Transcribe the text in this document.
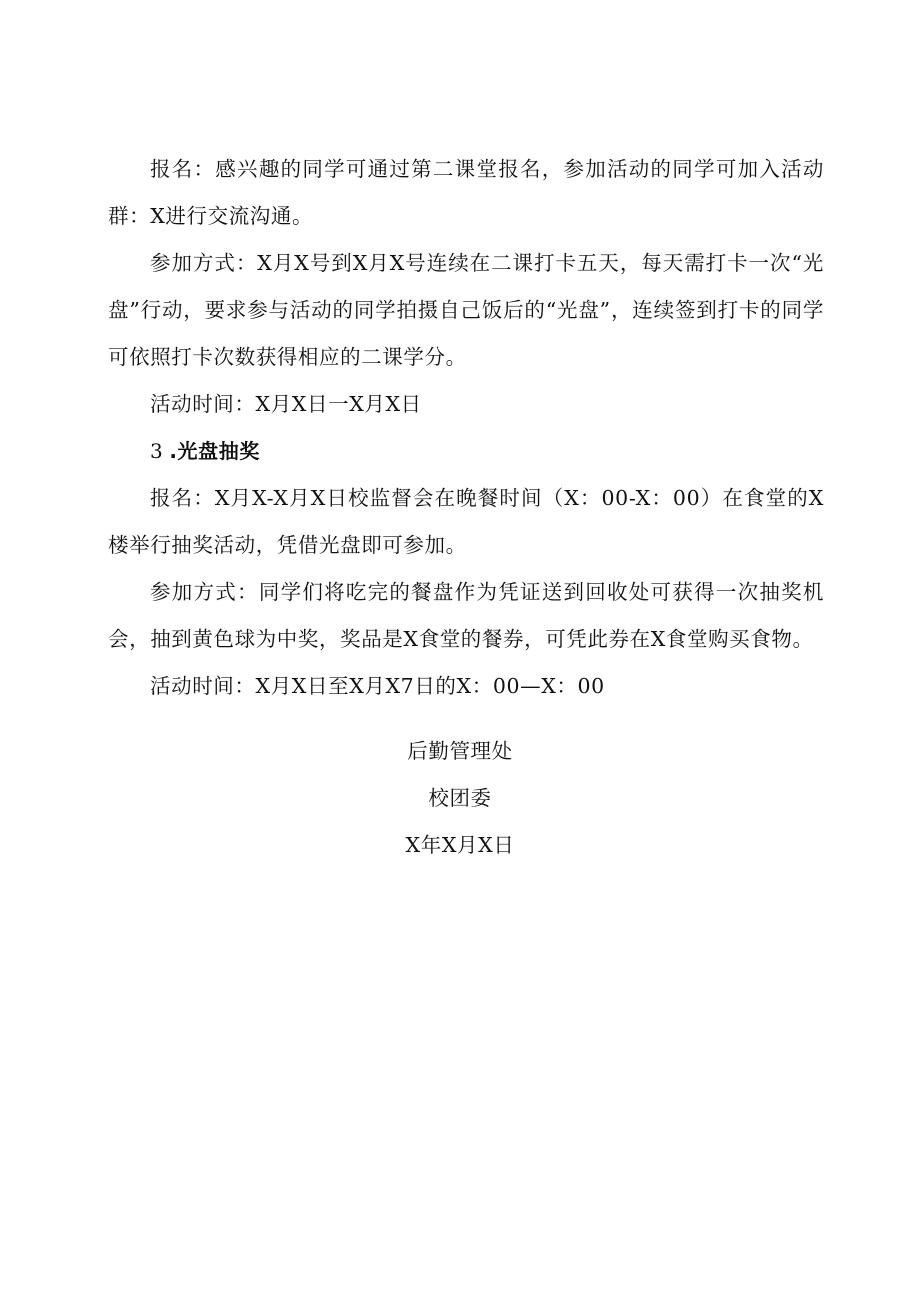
报名：感兴趣的同学可通过第二课堂报名，参加活动的同学可加入活动群：X进行交流沟通。

参加方式：X月X号到X月X号连续在二课打卡五天，每天需打卡一次“光盘”行动，要求参与活动的同学拍摄自己饭后的“光盘”，连续签到打卡的同学可依照打卡次数获得相应的二课学分。

活动时间：X月X日一X月X日

3 .光盘抽奖

报名：X月X-X月X日校监督会在晚餐时间（X：00-X：00）在食堂的X楼举行抽奖活动，凭借光盘即可参加。

参加方式：同学们将吃完的餐盘作为凭证送到回收处可获得一次抽奖机会，抽到黄色球为中奖，奖品是X食堂的餐券，可凭此券在X食堂购买食物。

活动时间：X月X日至X月X7日的X：00—X：00

后勤管理处
校团委
X年X月X日
